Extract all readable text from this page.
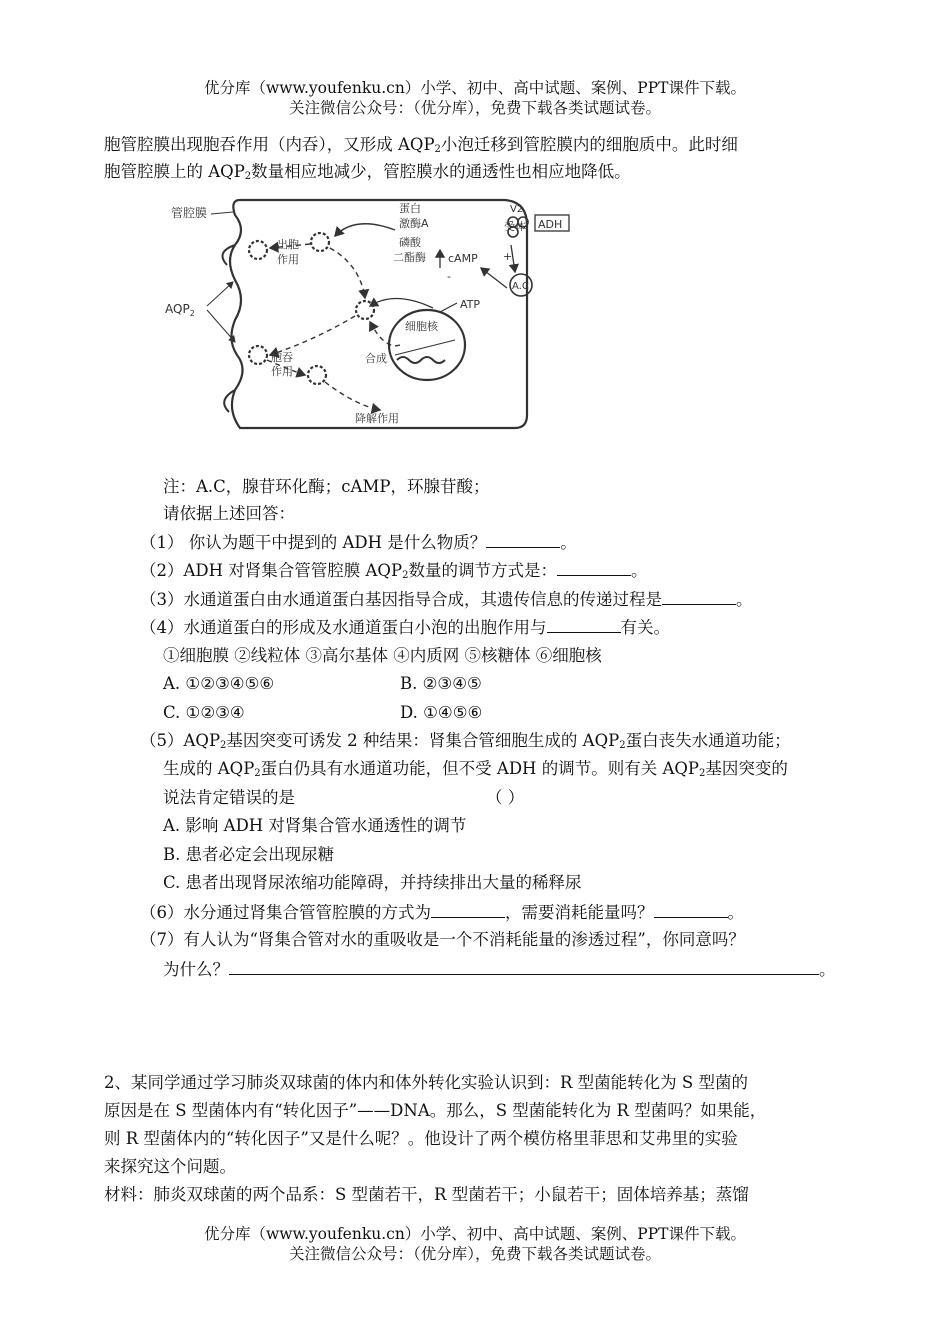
优分库（www.youfenku.cn）小学、初中、高中试题、案例、PPT课件下载。
关注微信公众号：（优分库），免费下载各类试题试卷。
胞管腔膜出现胞吞作用（内吞），又形成 $AQP_2$小泡迁移到管腔膜内的细胞质中。此时细
胞管腔膜上的 $AQP_2$数量相应地减少，管腔膜水的通透性也相应地降低。
管腔膜
出胞
作用
$AQP_2$
胞吞
作用
降解作用
蛋白
激酶A
磷酸
二酯酶 cAMP
-
+
V2
受体 ADH
A.C
ATP
细胞核
合成
注：A.C，腺苷环化酶；cAMP，环腺苷酸；
请依据上述回答：
（1） 你认为题干中提到的 ADH 是什么物质？	。
（2）ADH 对肾集合管管腔膜 $AQP_2$数量的调节方式是：	。
（3）水通道蛋白由水通道蛋白基因指导合成，其遗传信息的传递过程是	。
（4）水通道蛋白的形成及水通道蛋白小泡的出胞作用与	有关。
①细胞膜 ②线粒体 ③高尔基体 ④内质网 ⑤核糖体 ⑥细胞核
A. ①②③④⑤⑥	B. ②③④⑤
C. ①②③④	D. ①④⑤⑥
$(5)AQP_2$基因突变可诱发 2 种结果：肾集合管细胞生成的 $AQP_2$蛋白丧失水通道功能；
生成的 $AQP_2$蛋白仍具有水通道功能，但不受 ADH 的调节。则有关 $AQP_2$基因突变的
说法肯定错误的是	（ ）
A. 影响 ADH 对肾集合管水通透性的调节
B. 患者必定会出现尿糖
C. 患者出现肾尿浓缩功能障碍，并持续排出大量的稀释尿
（6）水分通过肾集合管管腔膜的方式为	，需要消耗能量吗？	。
（7）有人认为“肾集合管对水的重吸收是一个不消耗能量的渗透过程”，你同意吗？
为什么？	。
2、某同学通过学习肺炎双球菌的体内和体外转化实验认识到：R 型菌能转化为 S 型菌的
原因是在 S 型菌体内有“转化因子”——DNA。那么，S 型菌能转化为 R 型菌吗？如果能，
则 R 型菌体内的“转化因子”又是什么呢？。他设计了两个模仿格里菲思和艾弗里的实验
来探究这个问题。
材料：肺炎双球菌的两个品系：S 型菌若干，R 型菌若干；小鼠若干；固体培养基；蒸馏
优分库（www.youfenku.cn）小学、初中、高中试题、案例、PPT课件下载。
关注微信公众号：（优分库），免费下载各类试题试卷。
